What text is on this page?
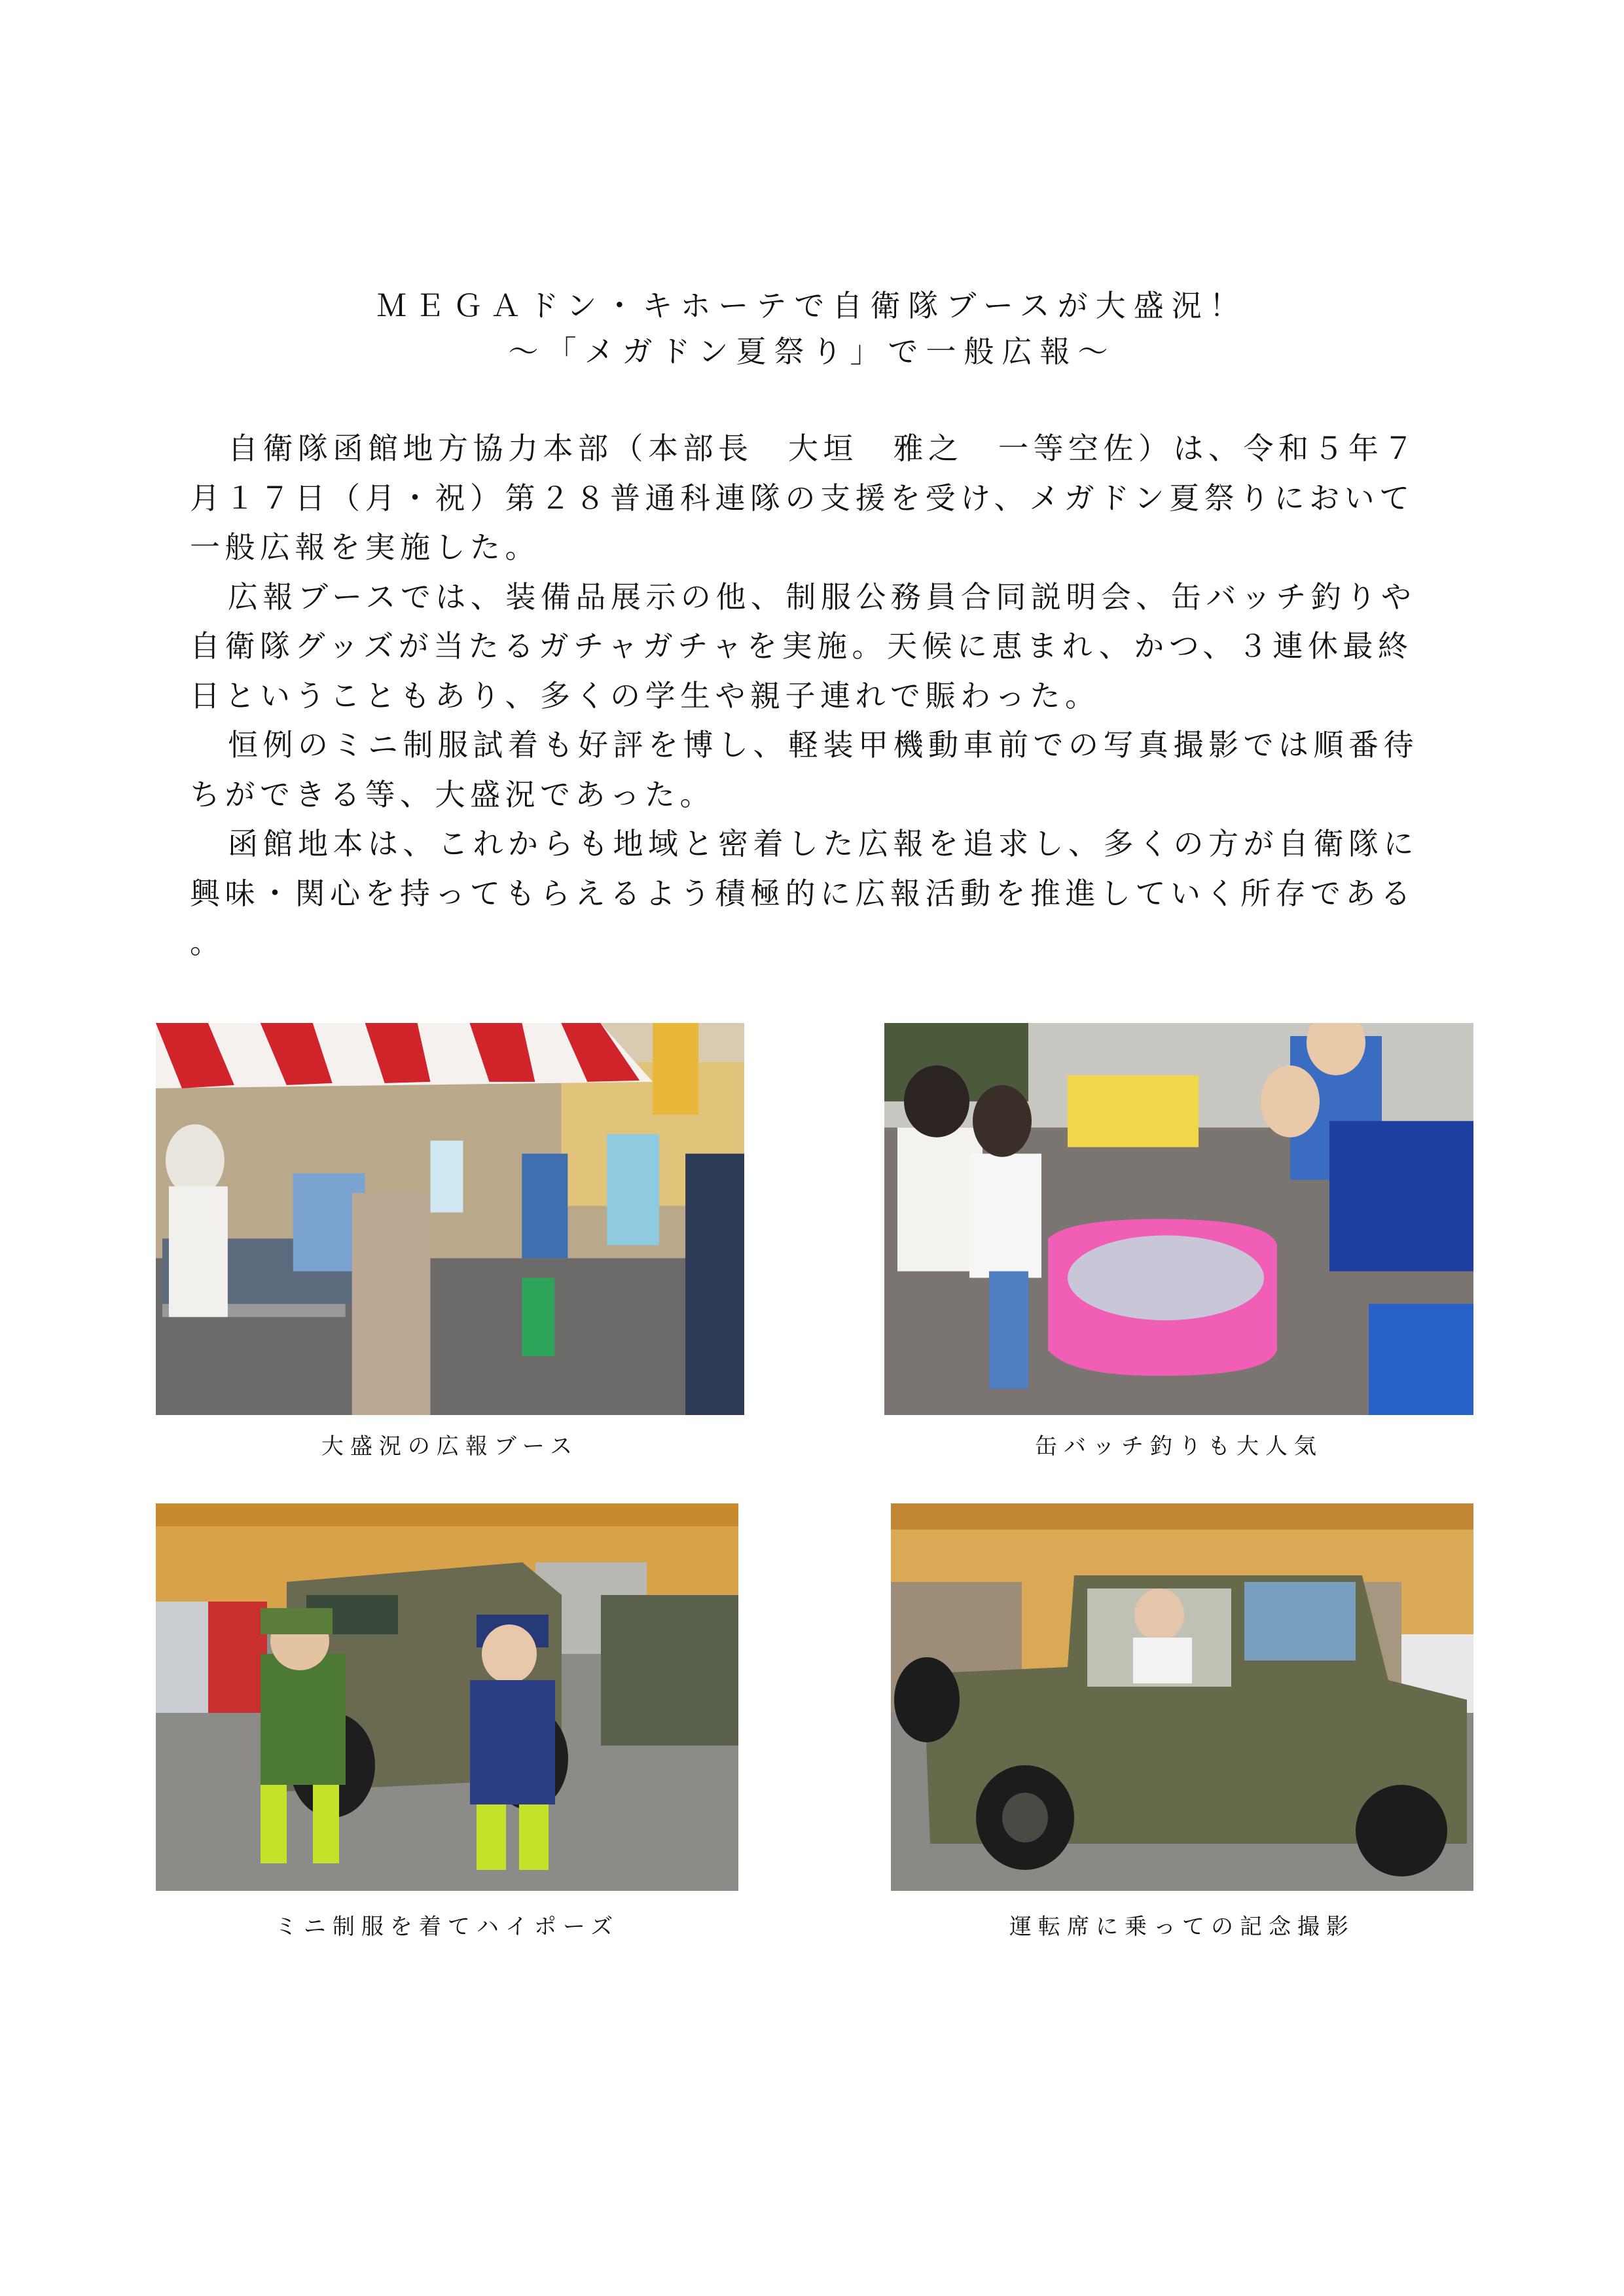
ＭＥＧＡドン・キホーテで自衛隊ブースが大盛況！
〜「メガドン夏祭り」で一般広報〜

自衛隊函館地方協力本部（本部長　大垣　雅之　一等空佐）は、令和５年７月１７日（月・祝）第２８普通科連隊の支援を受け、メガドン夏祭りにおいて一般広報を実施した。

広報ブースでは、装備品展示の他、制服公務員合同説明会、缶バッチ釣りや自衛隊グッズが当たるガチャガチャを実施。天候に恵まれ、かつ、３連休最終日ということもあり、多くの学生や親子連れで賑わった。

恒例のミニ制服試着も好評を博し、軽装甲機動車前での写真撮影では順番待ちができる等、大盛況であった。

函館地本は、これからも地域と密着した広報を追求し、多くの方が自衛隊に興味・関心を持ってもらえるよう積極的に広報活動を推進していく所存である。

大盛況の広報ブース	缶バッチ釣りも大人気
ミニ制服を着てハイポーズ	運転席に乗っての記念撮影
